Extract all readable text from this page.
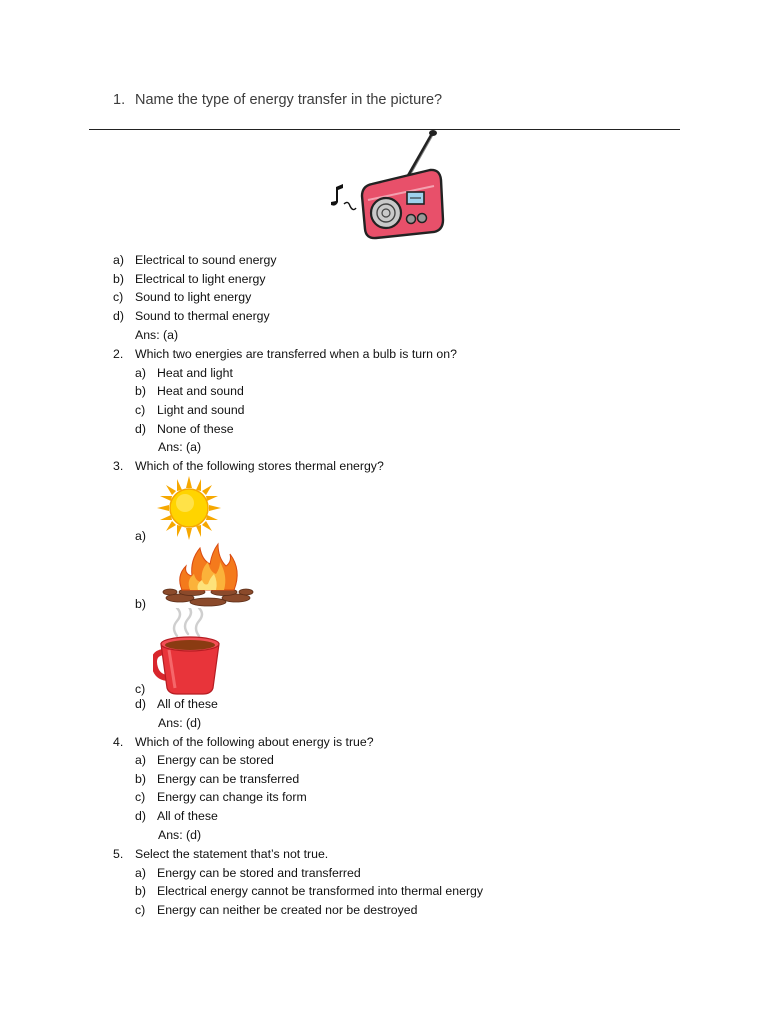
1. Name the type of energy transfer in the picture?
a) Electrical to sound energy
b) Electrical to light energy
c) Sound to light energy
d) Sound to thermal energy
Ans: (a)
2. Which two energies are transferred when a bulb is turn on?
a) Heat and light
b) Heat and sound
c) Light and sound
d) None of these
Ans: (a)
3. Which of the following stores thermal energy?
a)
b)
c)
d) All of these
Ans: (d)
4. Which of the following about energy is true?
a) Energy can be stored
b) Energy can be transferred
c) Energy can change its form
d) All of these
Ans: (d)
5. Select the statement that’s not true.
a) Energy can be stored and transferred
b) Electrical energy cannot be transformed into thermal energy
c) Energy can neither be created nor be destroyed
